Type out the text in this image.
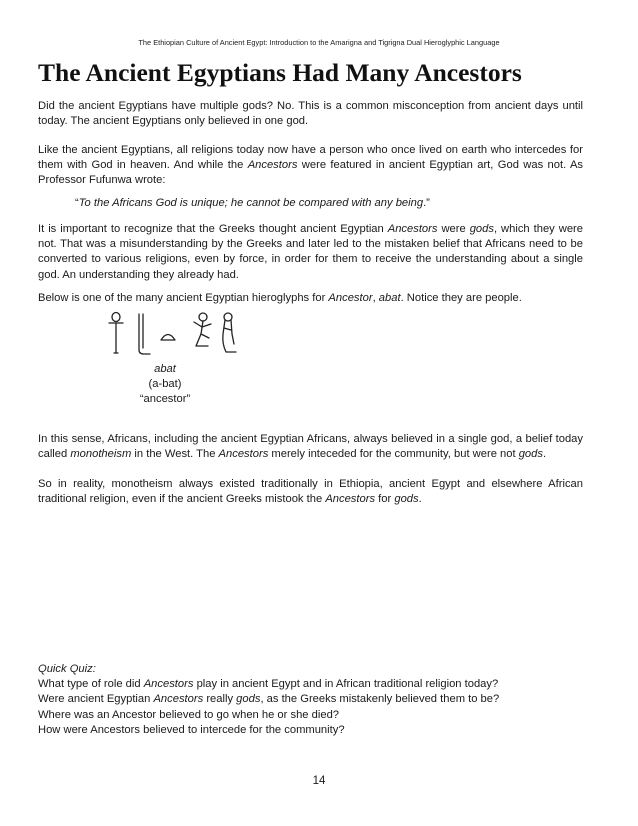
The Ethiopian Culture of Ancient Egypt: Introduction to the Amarigna and Tigrigna Dual Hieroglyphic Language
The Ancient Egyptians Had Many Ancestors

Did the ancient Egyptians have multiple gods? No. This is a common misconception from ancient days until today. The ancient Egyptians only believed in one god.

Like the ancient Egyptians, all religions today now have a person who once lived on earth who intercedes for them with God in heaven. And while the Ancestors were featured in ancient Egyptian art, God was not. As Professor Fufunwa wrote:

“To the Africans God is unique; he cannot be compared with any being.”

It is important to recognize that the Greeks thought ancient Egyptian Ancestors were gods, which they were not. That was a misunderstanding by the Greeks and later led to the mistaken belief that Africans need to be converted to various religions, even by force, in order for them to receive the understanding about a single god. An understanding they already had.

Below is one of the many ancient Egyptian hieroglyphs for Ancestor, abat. Notice they are people.

abat
(a-bat)
“ancestor”

In this sense, Africans, including the ancient Egyptian Africans, always believed in a single god, a belief today called monotheism in the West. The Ancestors merely inteceded for the community, but were not gods.

So in reality, monotheism always existed traditionally in Ethiopia, ancient Egypt and elsewhere African traditional religion, even if the ancient Greeks mistook the Ancestors for gods.

Quick Quiz:
What type of role did Ancestors play in ancient Egypt and in African traditional religion today?
Were ancient Egyptian Ancestors really gods, as the Greeks mistakenly believed them to be?
Where was an Ancestor believed to go when he or she died?
How were Ancestors believed to intercede for the community?
14
